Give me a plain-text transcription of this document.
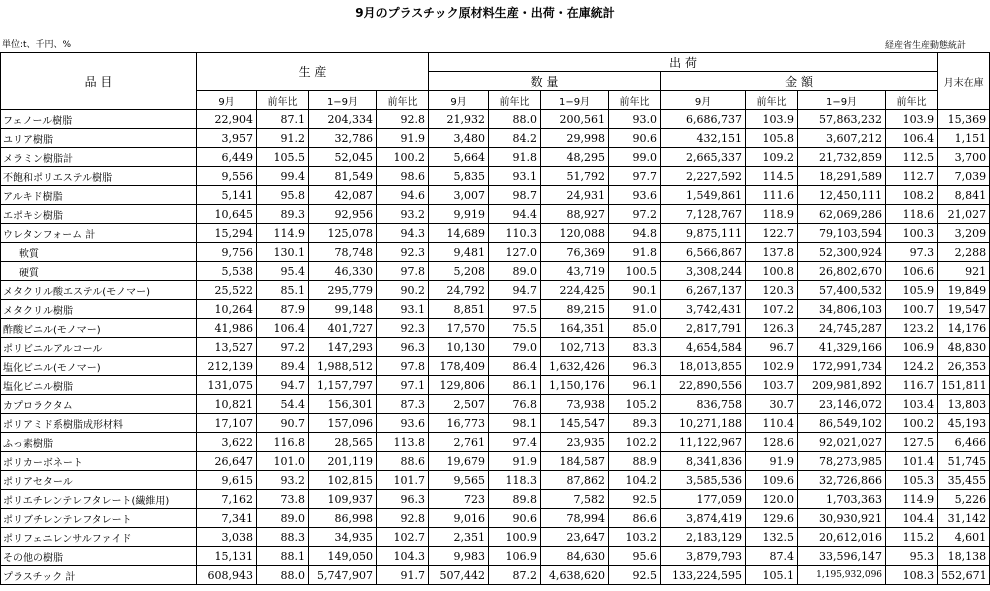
9月のプラスチック原材料生産・出荷・在庫統計
単位:t、千円、%	経産省生産動態統計
品 目	生 産				出 荷								月末在庫
					数 量				金 額				
	9月	前年比	1−9月	前年比	9月	前年比	1−9月	前年比	9月	前年比	1−9月	前年比	
フェノール樹脂	22,904	87.1	204,334	92.8	21,932	88.0	200,561	93.0	6,686,737	103.9	57,863,232	103.9	15,369
ユリア樹脂	3,957	91.2	32,786	91.9	3,480	84.2	29,998	90.6	432,151	105.8	3,607,212	106.4	1,151
メラミン樹脂計	6,449	105.5	52,045	100.2	5,664	91.8	48,295	99.0	2,665,337	109.2	21,732,859	112.5	3,700
不飽和ポリエステル樹脂	9,556	99.4	81,549	98.6	5,835	93.1	51,792	97.7	2,227,592	114.5	18,291,589	112.7	7,039
アルキド樹脂	5,141	95.8	42,087	94.6	3,007	98.7	24,931	93.6	1,549,861	111.6	12,450,111	108.2	8,841
エポキシ樹脂	10,645	89.3	92,956	93.2	9,919	94.4	88,927	97.2	7,128,767	118.9	62,069,286	118.6	21,027
ウレタンフォーム 計	15,294	114.9	125,078	94.3	14,689	110.3	120,088	94.8	9,875,111	122.7	79,103,594	100.3	3,209
軟質	9,756	130.1	78,748	92.3	9,481	127.0	76,369	91.8	6,566,867	137.8	52,300,924	97.3	2,288
硬質	5,538	95.4	46,330	97.8	5,208	89.0	43,719	100.5	3,308,244	100.8	26,802,670	106.6	921
メタクリル酸エステル(モノマー)	25,522	85.1	295,779	90.2	24,792	94.7	224,425	90.1	6,267,137	120.3	57,400,532	105.9	19,849
メタクリル樹脂	10,264	87.9	99,148	93.1	8,851	97.5	89,215	91.0	3,742,431	107.2	34,806,103	100.7	19,547
酢酸ビニル(モノマー)	41,986	106.4	401,727	92.3	17,570	75.5	164,351	85.0	2,817,791	126.3	24,745,287	123.2	14,176
ポリビニルアルコール	13,527	97.2	147,293	96.3	10,130	79.0	102,713	83.3	4,654,584	96.7	41,329,166	106.9	48,830
塩化ビニル(モノマー)	212,139	89.4	1,988,512	97.8	178,409	86.4	1,632,426	96.3	18,013,855	102.9	172,991,734	124.2	26,353
塩化ビニル樹脂	131,075	94.7	1,157,797	97.1	129,806	86.1	1,150,176	96.1	22,890,556	103.7	209,981,892	116.7	151,811
カプロラクタム	10,821	54.4	156,301	87.3	2,507	76.8	73,938	105.2	836,758	30.7	23,146,072	103.4	13,803
ポリアミド系樹脂成形材料	17,107	90.7	157,096	93.6	16,773	98.1	145,547	89.3	10,271,188	110.4	86,549,102	100.2	45,193
ふっ素樹脂	3,622	116.8	28,565	113.8	2,761	97.4	23,935	102.2	11,122,967	128.6	92,021,027	127.5	6,466
ポリカーボネート	26,647	101.0	201,119	88.6	19,679	91.9	184,587	88.9	8,341,836	91.9	78,273,985	101.4	51,745
ポリアセタール	9,615	93.2	102,815	101.7	9,565	118.3	87,862	104.2	3,585,536	109.6	32,726,866	105.3	35,455
ポリエチレンテレフタレート(繊維用)	7,162	73.8	109,937	96.3	723	89.8	7,582	92.5	177,059	120.0	1,703,363	114.9	5,226
ポリブチレンテレフタレート	7,341	89.0	86,998	92.8	9,016	90.6	78,994	86.6	3,874,419	129.6	30,930,921	104.4	31,142
ポリフェニレンサルファイド	3,038	88.3	34,935	102.7	2,351	100.9	23,647	103.2	2,183,129	132.5	20,612,016	115.2	4,601
その他の樹脂	15,131	88.1	149,050	104.3	9,983	106.9	84,630	95.6	3,879,793	87.4	33,596,147	95.3	18,138
プラスチック 計	608,943	88.0	5,747,907	91.7	507,442	87.2	4,638,620	92.5	133,224,595	105.1	1,195,932,096	108.3	552,671
